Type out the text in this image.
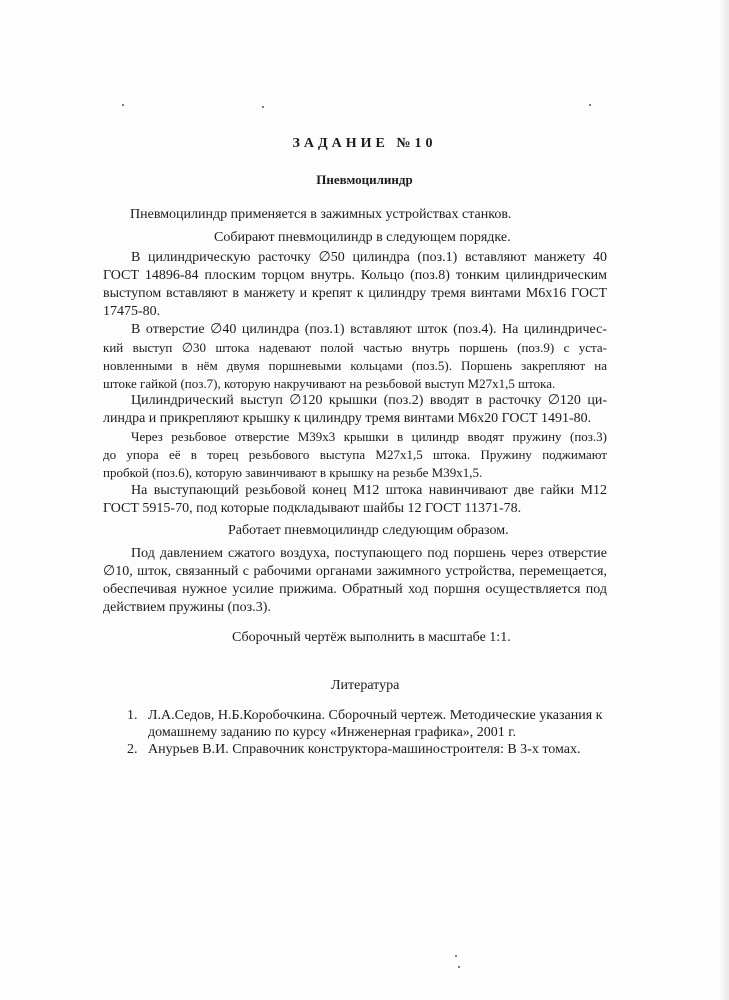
ЗАДАНИЕ №10
Пневмоцилиндр
Пневмоцилиндр применяется в зажимных устройствах станков.
Собирают пневмоцилиндр в следующем порядке.
В цилиндрическую расточку ∅50 цилиндра (поз.1) вставляют манжету 40
ГОСТ 14896-84 плоским торцом внутрь. Кольцо (поз.8) тонким цилиндрическим
выступом вставляют в манжету и крепят к цилиндру тремя винтами М6х16 ГОСТ
17475-80.
В отверстие ∅40 цилиндра (поз.1) вставляют шток (поз.4). На цилиндричес-
кий выступ ∅30 штока надевают полой частью внутрь поршень (поз.9) с уста-
новленными в нём двумя поршневыми кольцами (поз.5). Поршень закрепляют на
штоке гайкой (поз.7), которую накручивают на резьбовой выступ М27х1,5 штока.
Цилиндрический выступ ∅120 крышки (поз.2) вводят в расточку ∅120 ци-
линдра и прикрепляют крышку к цилиндру тремя винтами М6х20 ГОСТ 1491-80.
Через резьбовое отверстие М39х3 крышки в цилиндр вводят пружину (поз.3)
до упора её в торец резьбового выступа М27х1,5 штока. Пружину поджимают
пробкой (поз.6), которую завинчивают в крышку на резьбе М39х1,5.
На выступающий резьбовой конец М12 штока навинчивают две гайки М12
ГОСТ 5915-70, под которые подкладывают шайбы 12 ГОСТ 11371-78.
Работает пневмоцилиндр следующим образом.
Под давлением сжатого воздуха, поступающего под поршень через отверстие
∅10, шток, связанный с рабочими органами зажимного устройства, перемещается,
обеспечивая нужное усилие прижима. Обратный ход поршня осуществляется под
действием пружины (поз.3).
Сборочный чертёж выполнить в масштабе 1:1.
Литература
1. Л.А.Седов, Н.Б.Коробочкина. Сборочный чертеж. Методические указания к
домашнему заданию по курсу «Инженерная графика», 2001 г.
2. Анурьев В.И. Справочник конструктора-машиностроителя: В 3-х томах.
